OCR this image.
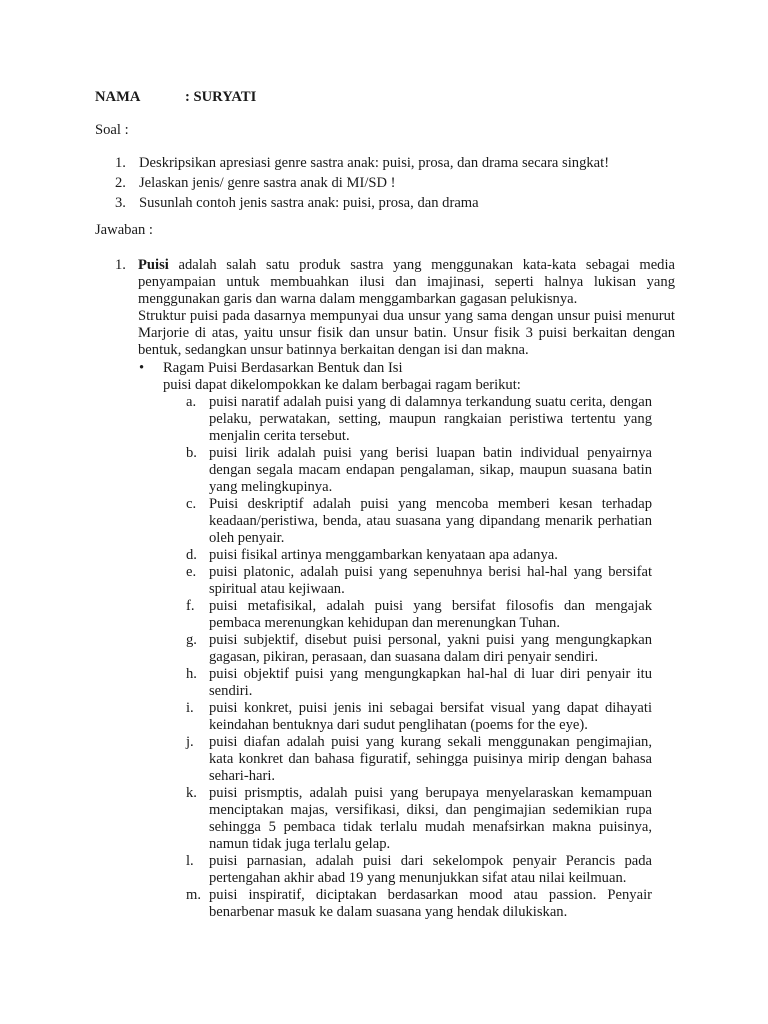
NAMA	: SURYATI
Soal :
1. Deskripsikan apresiasi genre sastra anak: puisi, prosa, dan drama secara singkat!
2. Jelaskan jenis/ genre sastra anak di MI/SD !
3. Susunlah contoh jenis sastra anak: puisi, prosa, dan drama
Jawaban :
1. Puisi adalah salah satu produk sastra yang menggunakan kata-kata sebagai media penyampaian untuk membuahkan ilusi dan imajinasi, seperti halnya lukisan yang menggunakan garis dan warna dalam menggambarkan gagasan pelukisnya.

Struktur puisi pada dasarnya mempunyai dua unsur yang sama dengan unsur puisi menurut Marjorie di atas, yaitu unsur fisik dan unsur batin. Unsur fisik 3 puisi berkaitan dengan bentuk, sedangkan unsur batinnya berkaitan dengan isi dan makna.

• Ragam Puisi Berdasarkan Bentuk dan Isi
puisi dapat dikelompokkan ke dalam berbagai ragam berikut:
a. puisi naratif adalah puisi yang di dalamnya terkandung suatu cerita, dengan pelaku, perwatakan, setting, maupun rangkaian peristiwa tertentu yang menjalin cerita tersebut.

b. puisi lirik adalah puisi yang berisi luapan batin individual penyairnya dengan segala macam endapan pengalaman, sikap, maupun suasana batin yang melingkupinya.

c. Puisi deskriptif adalah puisi yang mencoba memberi kesan terhadap keadaan/peristiwa, benda, atau suasana yang dipandang menarik perhatian oleh penyair.

d. puisi fisikal artinya menggambarkan kenyataan apa adanya.

e. puisi platonic, adalah puisi yang sepenuhnya berisi hal-hal yang bersifat spiritual atau kejiwaan.

f. puisi metafisikal, adalah puisi yang bersifat filosofis dan mengajak pembaca merenungkan kehidupan dan merenungkan Tuhan.

g. puisi subjektif, disebut puisi personal, yakni puisi yang mengungkapkan gagasan, pikiran, perasaan, dan suasana dalam diri penyair sendiri.

h. puisi objektif puisi yang mengungkapkan hal-hal di luar diri penyair itu sendiri.

i. puisi konkret, puisi jenis ini sebagai bersifat visual yang dapat dihayati keindahan bentuknya dari sudut penglihatan (poems for the eye).

j. puisi diafan adalah puisi yang kurang sekali menggunakan pengimajian, kata konkret dan bahasa figuratif, sehingga puisinya mirip dengan bahasa sehari-hari.

k. puisi prismptis, adalah puisi yang berupaya menyelaraskan kemampuan menciptakan majas, versifikasi, diksi, dan pengimajian sedemikian rupa sehingga 5 pembaca tidak terlalu mudah menafsirkan makna puisinya, namun tidak juga terlalu gelap.

l. puisi parnasian, adalah puisi dari sekelompok penyair Perancis pada pertengahan akhir abad 19 yang menunjukkan sifat atau nilai keilmuan.

m. puisi inspiratif, diciptakan berdasarkan mood atau passion. Penyair benarbenar masuk ke dalam suasana yang hendak dilukiskan.
